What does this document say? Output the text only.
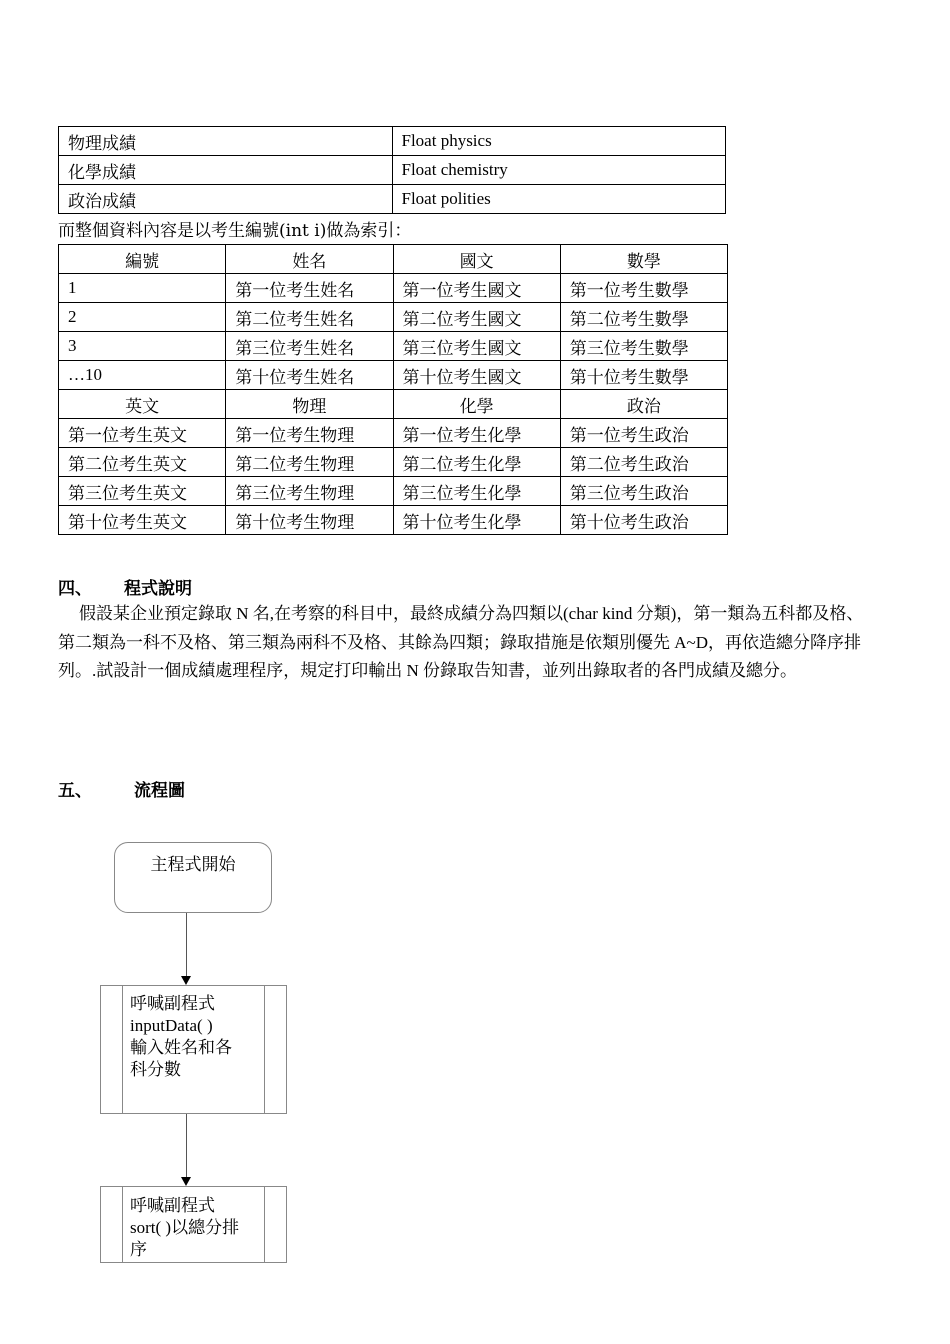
物理成績	Float physics
化學成績	Float chemistry
政治成績	Float polities
而整個資料內容是以考生編號(int i)做為索引：
編號	姓名	國文	數學
1	第一位考生姓名	第一位考生國文	第一位考生數學
2	第二位考生姓名	第二位考生國文	第二位考生數學
3	第三位考生姓名	第三位考生國文	第三位考生數學
…10	第十位考生姓名	第十位考生國文	第十位考生數學
英文	物理	化學	政治
第一位考生英文	第一位考生物理	第一位考生化學	第一位考生政治
第二位考生英文	第二位考生物理	第二位考生化學	第二位考生政治
第三位考生英文	第三位考生物理	第三位考生化學	第三位考生政治
第十位考生英文	第十位考生物理	第十位考生化學	第十位考生政治
四、 程式說明

假設某企业預定錄取 N 名,在考察的科目中，最終成績分為四類以(char kind 分類)，第一類為五科都及格、第二類為一科不及格、第三類為兩科不及格、其餘為四類；錄取措施是依類別優先 A~D，再依造總分降序排列。.試設計一個成績處理程序，規定打印輸出 N 份錄取告知書，並列出錄取者的各門成績及總分。

五、 流程圖
主程式開始
呼喊副程式
inputData( )
輸入姓名和各
科分數
呼喊副程式
sort( )以總分排
序
